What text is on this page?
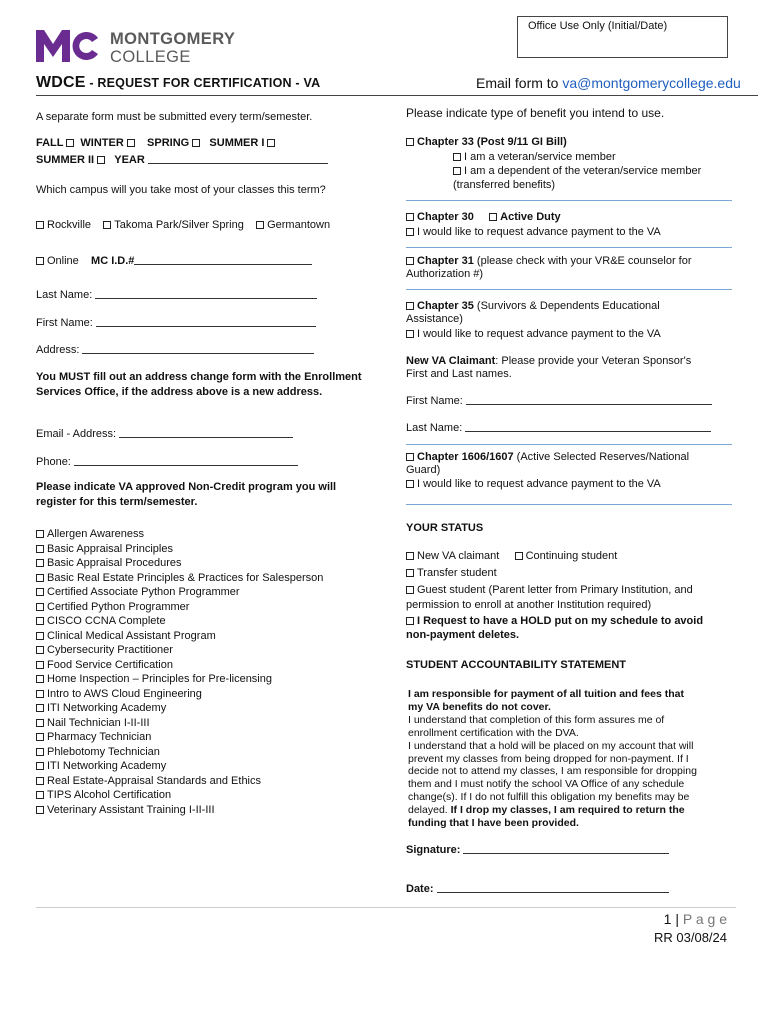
Office Use Only (Initial/Date)
MONTGOMERY
COLLEGE
WDCE - REQUEST FOR CERTIFICATION - VA	Email form to va@montgomerycollege.edu
A separate form must be submitted every term/semester.
FALL WINTER SPRING SUMMER I
SUMMER II YEAR
Which campus will you take most of your classes this term?
Rockville Takoma Park/Silver Spring Germantown
Online MC I.D.#
Last Name:
First Name:
Address:
You MUST fill out an address change form with the Enrollment Services Office, if the address above is a new address.
Email - Address:
Phone:
Please indicate VA approved Non-Credit program you will register for this term/semester.
Allergen Awareness
Basic Appraisal Principles
Basic Appraisal Procedures
Basic Real Estate Principles & Practices for Salesperson
Certified Associate Python Programmer
Certified Python Programmer
CISCO CCNA Complete
Clinical Medical Assistant Program
Cybersecurity Practitioner
Food Service Certification
Home Inspection – Principles for Pre-licensing
Intro to AWS Cloud Engineering
ITI Networking Academy
Nail Technician I-II-III
Pharmacy Technician
Phlebotomy Technician
ITI Networking Academy
Real Estate-Appraisal Standards and Ethics
TIPS Alcohol Certification
Veterinary Assistant Training I-II-III
Please indicate type of benefit you intend to use.
Chapter 33 (Post 9/11 GI Bill)
I am a veteran/service member
I am a dependent of the veteran/service member
(transferred benefits)
Chapter 30 Active Duty
I would like to request advance payment to the VA
Chapter 31 (please check with your VR&E counselor for
Authorization #)
Chapter 35 (Survivors & Dependents Educational
Assistance)
I would like to request advance payment to the VA
New VA Claimant: Please provide your Veteran Sponsor's
First and Last names.
First Name:
Last Name:
Chapter 1606/1607 (Active Selected Reserves/National
Guard)
I would like to request advance payment to the VA
YOUR STATUS
New VA claimant Continuing student
Transfer student
Guest student (Parent letter from Primary Institution, and
permission to enroll at another Institution required)
I Request to have a HOLD put on my schedule to avoid
non-payment deletes.
STUDENT ACCOUNTABILITY STATEMENT
I am responsible for payment of all tuition and fees that
my VA benefits do not cover.
I understand that completion of this form assures me of
enrollment certification with the DVA.
I understand that a hold will be placed on my account that will
prevent my classes from being dropped for non-payment. If I
decide not to attend my classes, I am responsible for dropping
them and I must notify the school VA Office of any schedule
change(s). If I do not fulfill this obligation my benefits may be
delayed. If I drop my classes, I am required to return the
funding that I have been provided.
Signature:
Date:
1 | P a g e
RR 03/08/24
